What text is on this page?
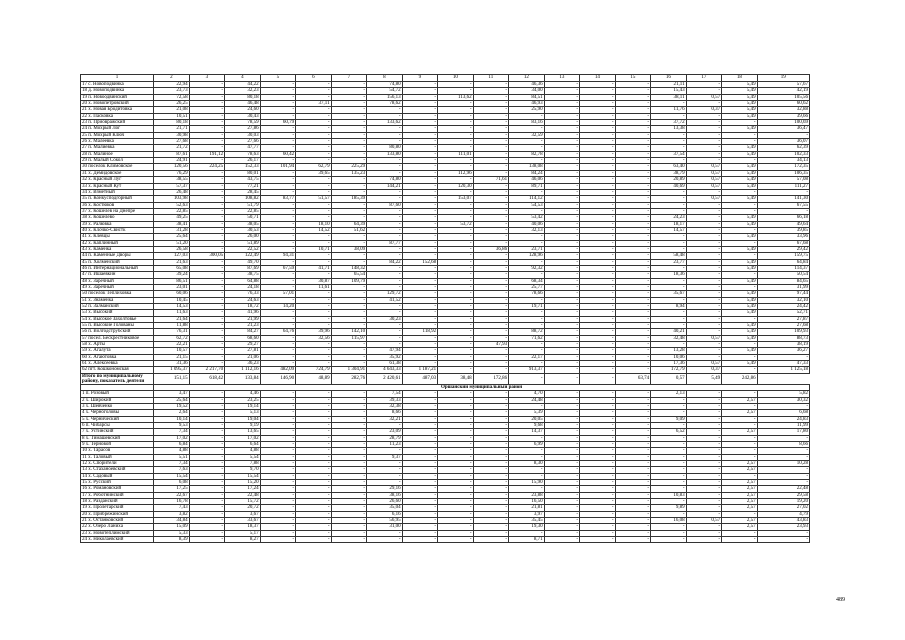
1	2	3	4	5	6	7	8	9	10	11	12	13	14	15	16	17	18	19
17 с. Новоподвинка	22,94	-	44,22	-	-	-	74,80	-	-	-	46,36	-	-	-	21,11	-	5,49	57,67
18 д. Новоподвинка	23,73	-	32,23	-	-	-	54,72	-	-	-	34,00	-	-	-	15,43	-	5,49	42,19
19 п. Новоодвинский	72,58	-	80,18	-	-	-	156,13	-	113,62	-	84,51	-	-	-	38,11	0,57	5,49	105,56
20 х. Новопетровский	26,25	-	46,48	-	37,11	-	78,62	-	-	-	46,93	-	-	-	-	-	5,49	60,62
21 х. Новая Бродитовка	21,08	-	24,60	-	-	-	-	-	-	-	25,90	-	-	-	11,76	0,37	5,49	32,88
22 х. Пасковка	10,51	-	30,43	-	-	-	-	-	-	-	-	-	-	-	-	-	5,49	39,66
23 п. Приовражский	80,18	-	78,59	60,79	-	-	133,62	-	-	-	83,16	-	-	-	37,72	-	-	100,69
24 п. Мохрый Лог	21,71	-	27,86	-	-	-	-	-	-	-	-	-	-	-	13,38	-	5,49	36,47
25 п. Мохрый Ключ	30,98	-	30,03	-	-	-	-	-	-	-	32,59	-	-	-	-	-	-	-
26 х. Малеевка	27,68	-	27,66	-	-	-	-	-	-	-	-	-	-	-	-	-	-	36,07
27 п. Малиевка	21,72	-	47,77	-	-	-	80,80	-	-	-	-	-	-	-	-	-	5,49	62,39
28 п. Малиное	87,61	191,12	78,63	60,42	-	-	133,80	-	111,01	-	82,78	-	-	-	37,54	-	5,49	102,33
29 п. Малый Сокол	24,91	-	26,17	-	-	-	-	-	-	-	-	-	-	-	-	-	-	34,13
30 посёлок Климовское	120,56	224,25	152,33	101,94	62,79	225,29	-	-	-	-	138,08	-	-	-	63,40	0,57	5,49	172,35
31 х. Демидовское	76,29	-	80,01	-	39,65	135,23	-	-	112,96	-	84,24	-	-	-	38,79	0,57	5,49	106,35
32 х. Красный Луг	38,55	-	43,75	-	-	-	74,80	-	-	71,61	46,06	-	-	-	20,89	0,57	5,49	57,08
33 х. Красный Кут	57,37	-	77,21	-	-	-	144,21	-	120,30	-	89,71	-	-	-	40,69	0,57	5,49	111,27
34 х. Взметный	26,48	-	28,45	-	-	-	-	-	-	-	-	-	-	-	-	-	-	-
35 п. Конкусподгорный	103,98	-	108,82	83,77	51,57	185,39	-	-	153,07	-	114,12	-	-	-	-	0,57	5,49	141,30
36 х. Костюков	52,63	-	51,79	-	-	-	87,60	-	-	-	54,53	-	-	-	-	-	-	67,55
37 х. Кошелев на Днепре	22,85	-	22,85	-	-	-	-	-	-	-	-	-	-	-	-	-	-	-
38 х. Кошелево	49,25	-	50,71	-	-	-	-	-	-	-	53,42	-	-	-	24,23	-	5,49	66,18
39 х. Ралювка	38,41	-	38,05	-	18,10	64,39	-	-	53,72	-	40,06	-	-	-	18,17	-	5,49	49,64
40 х. Клочко-Свистк	31,28	-	30,53	-	14,52	51,62	-	-	-	-	32,13	-	-	-	14,57	-	-	39,85
41 х. Клевцы	25,64	-	26,00	-	-	-	-	-	-	-	-	-	-	-	-	-	5,49	33,96
42 х. Каплинный	51,20	-	51,89	-	-	-	87,77	-	-	-	-	-	-	-	-	-	-	67,68
43 х. Каменка	26,58	-	22,52	-	10,71	38,09	-	-	-	36,86	23,71	-	-	-	-	-	5,49	29,42
44 п. Каменные Дворы	127,03	300,05	122,49	94,31	-	-	-	-	-	-	128,96	-	-	-	58,48	-	-	159,75
45 п. Холменский	21,63	-	49,70	-	-	-	84,22	152,68	-	-	-	-	-	-	23,77	-	5,49	64,84
46 п. Интернациональный	65,08	-	87,69	67,59	41,71	148,32	-	-	-	-	92,32	-	-	-	-	-	5,49	114,37
47 п. Ишаевкин	39,24	-	38,75	-	-	65,54	-	-	-	-	-	-	-	-	18,36	-	-	50,54
48 х. Заречный	86,51	-	64,88	-	30,87	109,79	-	-	-	-	68,34	-	-	-	-	-	5,49	84,65
49 х. Заречный	23,01	-	24,18	-	11,61	-	-	-	-	-	25,77	-	-	-	-	-	-	31,99
50 посёлок Теплиховка	60,06	-	76,33	57,01	-	-	129,72	-	-	-	78,66	-	-	-	35,67	-	5,49	97,44
51 х. Знаменка	10,45	-	24,63	-	-	-	41,52	-	-	-	-	-	-	-	-	-	5,49	32,10
52 п. Залманский	14,53	-	18,72	14,20	-	-	-	-	-	-	19,71	-	-	-	8,94	-	5,49	24,42
53 х. Высокий	11,63	-	41,96	-	-	-	-	-	-	-	-	-	-	-	-	-	5,49	52,71
54 х. Высокое Захолтовье	21,64	-	21,99	-	-	-	30,23	-	-	-	-	-	-	-	-	-	-	27,87
55 п. Высокие Голованы	11,88	-	21,23	-	-	-	-	-	-	-	-	-	-	-	-	-	5,49	27,68
56 п. Волгодструбский	76,31	-	84,27	64,76	39,96	142,10	-	118,92	-	-	88,72	-	-	-	40,21	-	5,49	109,93
57 посёл. Бескрестниковое	62,72	-	68,60	-	32,56	115,97	-	-	-	-	71,62	-	-	-	32,48	0,57	5,49	88,73
58 х. Арты	22,21	-	29,27	-	-	-	-	-	-	47,93	-	-	-	-	-	-	-	38,19
59 х. Агалута	10,57	-	27,81	-	-	-	47,94	-	-	-	-	-	-	-	13,28	-	5,49	36,27
60 х. Агаютовка	21,15	-	21,06	-	-	-	35,92	-	-	-	22,17	-	-	-	10,06	-	-	-
61 х. Алексеевка	31,36	-	36,23	-	-	-	61,38	-	-	-	-	-	-	-	17,36	0,57	5,49	47,33
62 пгт. Кошкономская	1 095,37	2 217,70	1 112,16	482,09	724,79	1 304,91	4 643,33	1 187,21	-	-	913,37	-	-	-	172,79	0,37	-	1 125,18
Итого по муниципальному району, показатель деятели	151,15	618,42	133,84	146,90	48,89	282,76	2 420,61	487,03	38,48	172,86	-	-	-	63,74	0,57	5,49	242,86	
	Оршанский муниципальный район																	
1 п. Розовый	3,47	-	4,46	-	-	-	7,54	-	-	-	4,70	-	-	-	2,13	-	-	5,82
2 х. Широкий	25,64	-	23,25	-	-	-	39,33	-	-	-	24,48	-	-	-	-	-	2,57	30,32
3 х. Шевченко	19,52	-	19,14	-	-	-	32,38	-	-	-	-	-	-	-	-	-	-	-
4 х. Черноголовы	2,64	-	5,13	-	-	-	8,66	-	-	-	5,39	-	-	-	-	-	2,57	6,68
5 х. Чернический	10,14	-	19,04	-	-	-	32,21	-	-	-	20,05	-	-	-	9,09	-	-	24,83
6 п. Чибарсы	9,53	-	9,19	-	-	-	-	-	-	-	9,68	-	-	-	-	-	-	11,99
7 х. Устинский	7,34	-	13,65	-	-	-	23,09	-	-	-	14,37	-	-	-	6,52	-	2,57	17,80
8 х. Тимашевский	17,02	-	17,02	-	-	-	28,79	-	-	-	-	-	-	-	-	-	-	-
9 х. Терновой	6,84	-	6,64	-	-	-	11,23	-	-	-	6,99	-	-	-	-	-	-	8,66
10 х. Тарасов	4,88	-	4,88	-	-	-	-	-	-	-	-	-	-	-	-	-	-	-
11 х. Таловый	5,51	-	5,54	-	-	-	9,37	-	-	-	-	-	-	-	-	-	-	-
12 х. Спорители	7,34	-	7,88	-	-	-	-	-	-	-	8,30	-	-	-	-	-	2,57	10,28
13 х. Стаханоевский	7,63	-	9,70	-	-	-	-	-	-	-	-	-	-	-	-	-	2,57	-
14 х. Садовый	15,54	-	15,54	-	-	-	-	-	-	-	-	-	-	-	-	-	-	-
15 х. Русский	6,08	-	15,20	-	-	-	-	-	-	-	15,90	-	-	-	-	-	2,57	-
16 х. Романовский	17,25	-	17,24	-	-	-	29,16	-	-	-	-	-	-	-	-	-	2,57	22,48
17 х. Роботнинский	22,67	-	22,48	-	-	-	38,16	-	-	-	23,88	-	-	-	10,83	-	2,57	29,58
18 х. Разданский	16,78	-	15,72	-	-	-	26,60	-	-	-	16,50	-	-	-	-	-	2,57	19,20
19 х. Пролетарский	7,43	-	20,72	-	-	-	35,04	-	-	-	21,81	-	-	-	9,89	-	2,57	27,02
20 х. Прибрежинский	3,82	-	3,67	-	-	-	6,16	-	-	-	3,97	-	-	-	-	-	-	4,79
21 х. Останковский	34,84	-	33,67	-	-	-	56,95	-	-	-	35,45	-	-	-	16,08	0,57	2,57	43,83
22 х. Озеро Ланиха	15,09	-	18,37	-	-	-	31,00	-	-	-	19,30	-	-	-	-	-	2,57	23,93
23 х. Новотеплимский	5,33	-	5,17	-	-	-	-	-	-	-	-	-	-	-	-	-	-	-
24 х. Николаевский	8,39	-	8,27	-	-	-	-	-	-	-	8,71	-	-	-	-	-	-	-
489
